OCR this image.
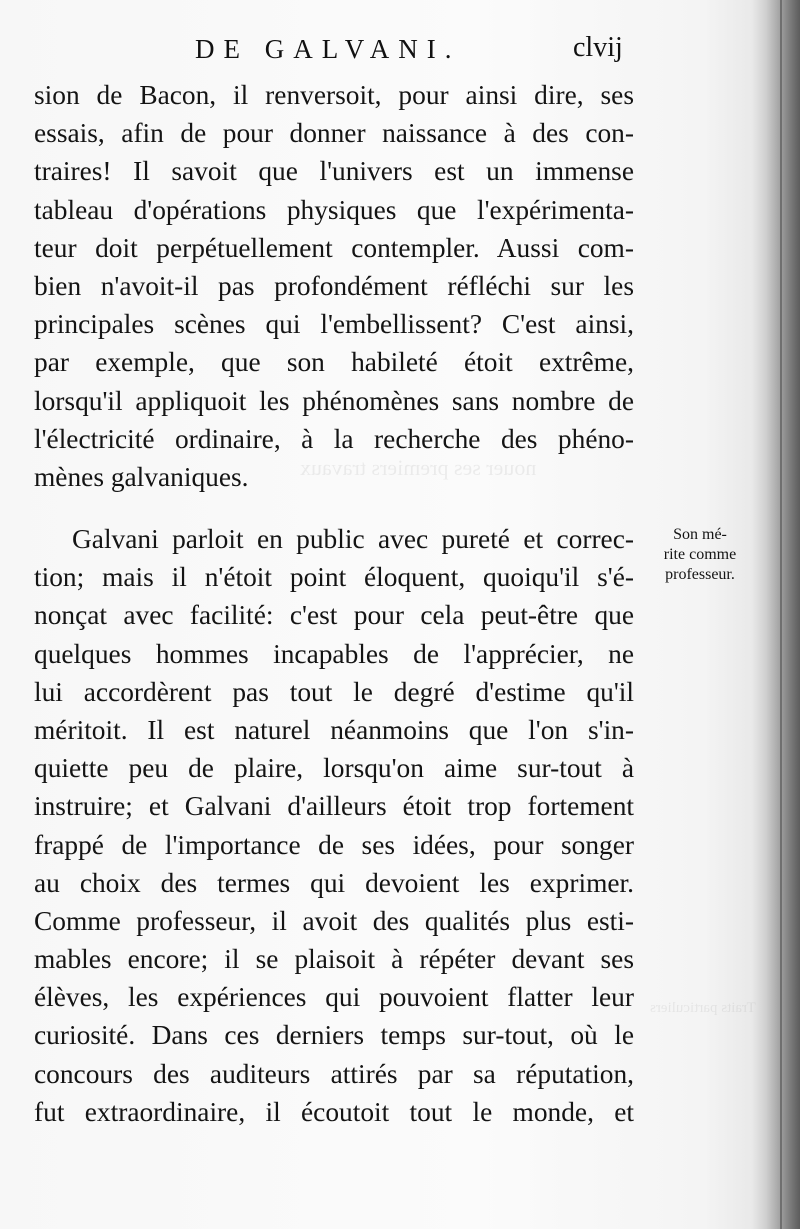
nouer ses premiers travaux
Traits particuliers
DE GALVANI.	clvij
sion de Bacon, il renversoit, pour ainsi dire, ses
essais, afin de pour donner naissance à des con-
traires! Il savoit que l'univers est un immense
tableau d'opérations physiques que l'expérimenta-
teur doit perpétuellement contempler. Aussi com-
bien n'avoit-il pas profondément réfléchi sur les
principales scènes qui l'embellissent? C'est ainsi,
par exemple, que son habileté étoit extrême,
lorsqu'il appliquoit les phénomènes sans nombre de
l'électricité ordinaire, à la recherche des phéno-
mènes galvaniques.
Galvani parloit en public avec pureté et correc-
tion; mais il n'étoit point éloquent, quoiqu'il s'é-
nonçat avec facilité: c'est pour cela peut-être que
quelques hommes incapables de l'apprécier, ne
lui accordèrent pas tout le degré d'estime qu'il
méritoit. Il est naturel néanmoins que l'on s'in-
quiette peu de plaire, lorsqu'on aime sur-tout à
instruire; et Galvani d'ailleurs étoit trop fortement
frappé de l'importance de ses idées, pour songer
au choix des termes qui devoient les exprimer.
Comme professeur, il avoit des qualités plus esti-
mables encore; il se plaisoit à répéter devant ses
élèves, les expériences qui pouvoient flatter leur
curiosité. Dans ces derniers temps sur-tout, où le
concours des auditeurs attirés par sa réputation,
fut extraordinaire, il écoutoit tout le monde, et
Son mé-
rite comme
professeur.
